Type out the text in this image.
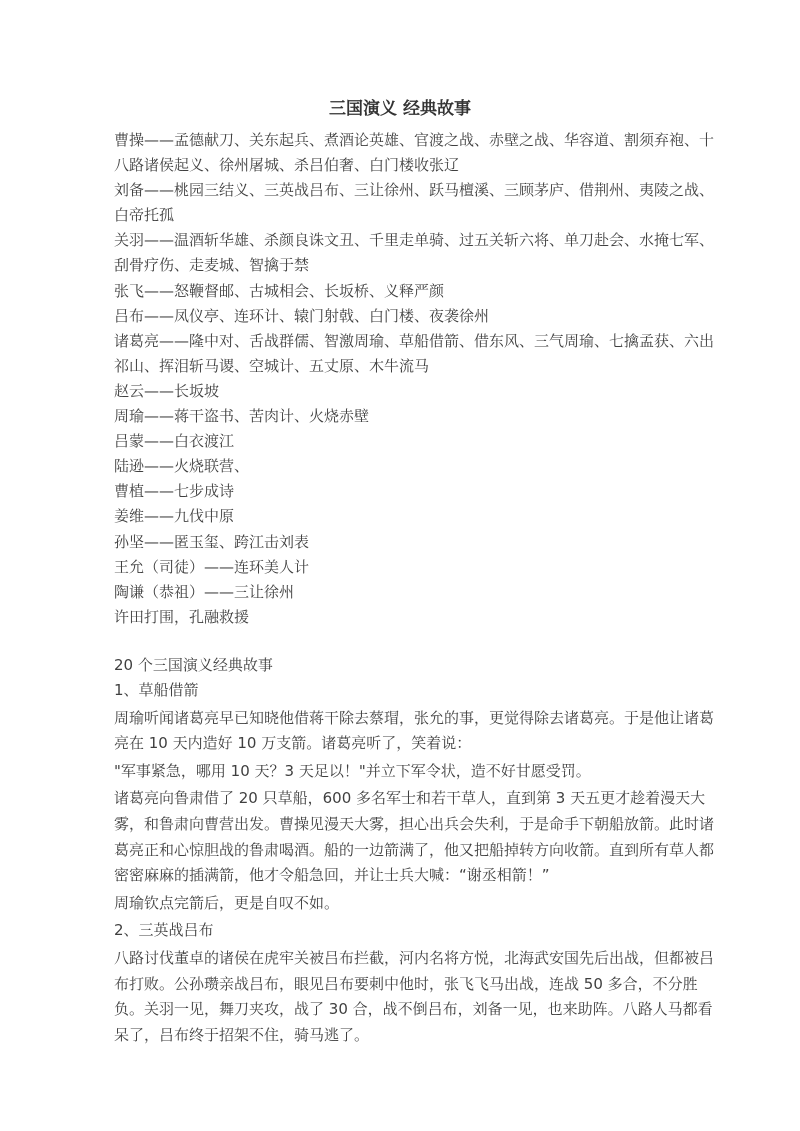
三国演义 经典故事

曹操——孟德献刀、关东起兵、煮酒论英雄、官渡之战、赤壁之战、华容道、割须弃袍、十八路诸侯起义、徐州屠城、杀吕伯奢、白门楼收张辽

刘备——桃园三结义、三英战吕布、三让徐州、跃马檀溪、三顾茅庐、借荆州、夷陵之战、白帝托孤

关羽——温酒斩华雄、杀颜良诛文丑、千里走单骑、过五关斩六将、单刀赴会、水掩七军、刮骨疗伤、走麦城、智擒于禁

张飞——怒鞭督邮、古城相会、长坂桥、义释严颜

吕布——凤仪亭、连环计、辕门射戟、白门楼、夜袭徐州

诸葛亮——隆中对、舌战群儒、智激周瑜、草船借箭、借东风、三气周瑜、七擒孟获、六出祁山、挥泪斩马谡、空城计、五丈原、木牛流马

赵云——长坂坡

周瑜——蒋干盗书、苦肉计、火烧赤壁

吕蒙——白衣渡江

陆逊——火烧联营、

曹植——七步成诗

姜维——九伐中原

孙坚——匿玉玺、跨江击刘表

王允（司徒）——连环美人计

陶谦（恭祖）——三让徐州

许田打围，孔融救援

20 个三国演义经典故事

1、草船借箭

周瑜听闻诸葛亮早已知晓他借蒋干除去蔡瑁，张允的事，更觉得除去诸葛亮。于是他让诸葛亮在 10 天内造好 10 万支箭。诸葛亮听了，笑着说：

"军事紧急，哪用 10 天？3 天足以！"并立下军令状，造不好甘愿受罚。

诸葛亮向鲁肃借了 20 只草船，600 多名军士和若干草人，直到第 3 天五更才趁着漫天大雾，和鲁肃向曹营出发。曹操见漫天大雾，担心出兵会失利，于是命手下朝船放箭。此时诸葛亮正和心惊胆战的鲁肃喝酒。船的一边箭满了，他又把船掉转方向收箭。直到所有草人都密密麻麻的插满箭，他才令船急回，并让士兵大喊：“谢丞相箭！”

周瑜钦点完箭后，更是自叹不如。

2、三英战吕布

八路讨伐董卓的诸侯在虎牢关被吕布拦截，河内名将方悦，北海武安国先后出战，但都被吕布打败。公孙瓒亲战吕布，眼见吕布要刺中他时，张飞飞马出战，连战 50 多合，不分胜负。关羽一见，舞刀夹攻，战了 30 合，战不倒吕布，刘备一见，也来助阵。八路人马都看呆了，吕布终于招架不住，骑马逃了。
